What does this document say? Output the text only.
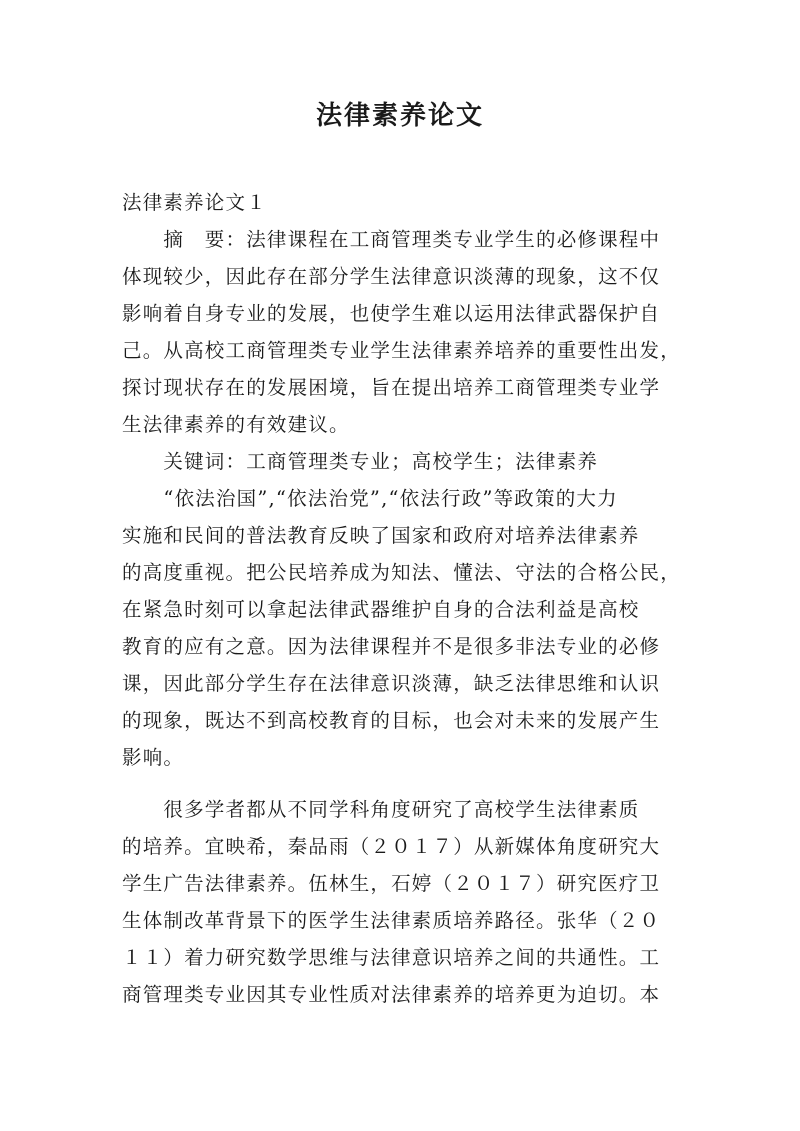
法律素养论文
法律素养论文１
　　摘　要：法律课程在工商管理类专业学生的必修课程中
体现较少，因此存在部分学生法律意识淡薄的现象，这不仅
影响着自身专业的发展，也使学生难以运用法律武器保护自
己。从高校工商管理类专业学生法律素养培养的重要性出发，
探讨现状存在的发展困境，旨在提出培养工商管理类专业学
生法律素养的有效建议。
　　关键词：工商管理类专业；高校学生；法律素养
　　“依法治国”,“依法治党”,“依法行政”等政策的大力
实施和民间的普法教育反映了国家和政府对培养法律素养
的高度重视。把公民培养成为知法、懂法、守法的合格公民，
在紧急时刻可以拿起法律武器维护自身的合法利益是高校
教育的应有之意。因为法律课程并不是很多非法专业的必修
课，因此部分学生存在法律意识淡薄，缺乏法律思维和认识
的现象，既达不到高校教育的目标，也会对未来的发展产生
影响。
　　很多学者都从不同学科角度研究了高校学生法律素质
的培养。宜映希，秦品雨（２０１７）从新媒体角度研究大
学生广告法律素养。伍林生，石婷（２０１７）研究医疗卫
生体制改革背景下的医学生法律素质培养路径。张华（２０
１１）着力研究数学思维与法律意识培养之间的共通性。工
商管理类专业因其专业性质对法律素养的培养更为迫切。本
